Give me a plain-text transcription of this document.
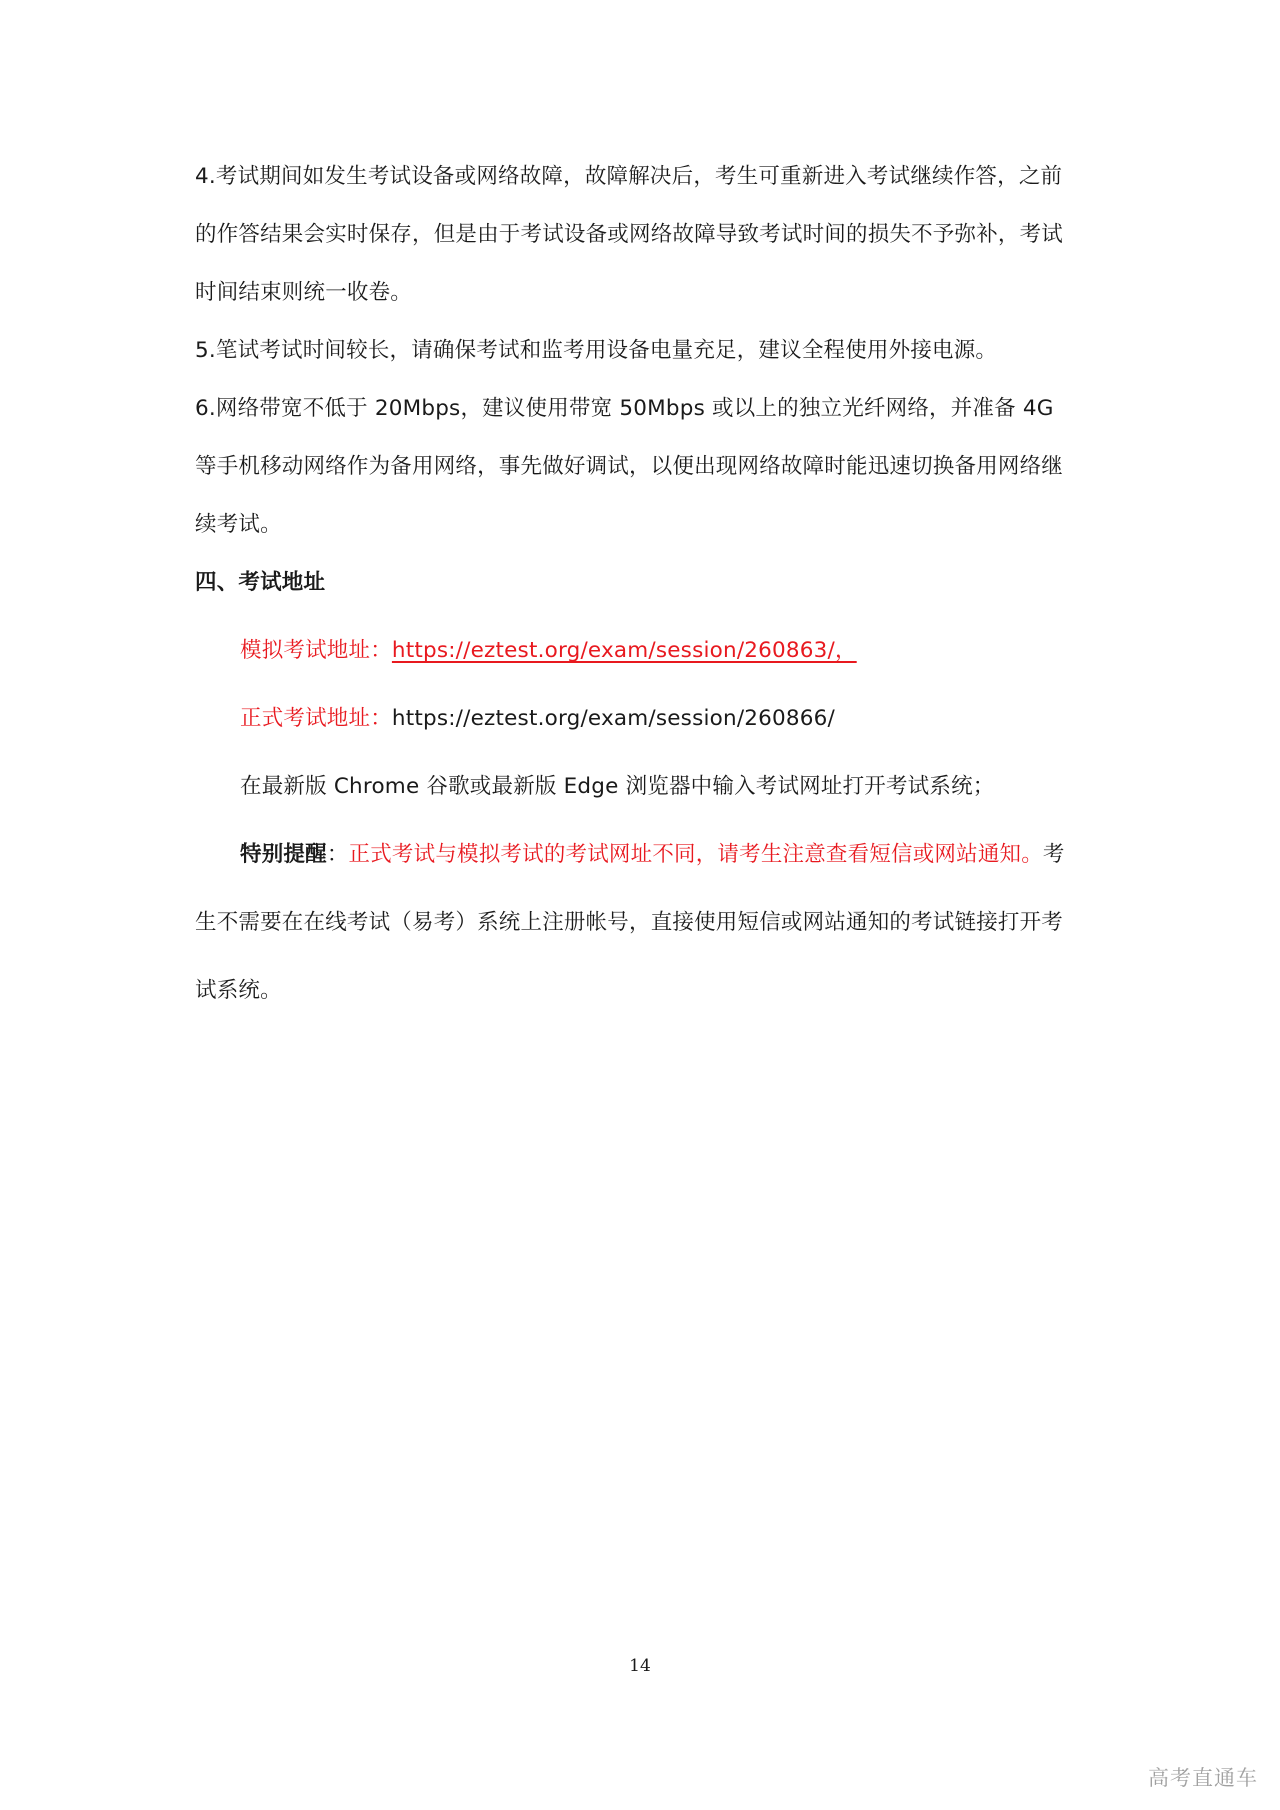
4.考试期间如发生考试设备或网络故障，故障解决后，考生可重新进入考试继续作答，之前
的作答结果会实时保存，但是由于考试设备或网络故障导致考试时间的损失不予弥补，考试
时间结束则统一收卷。
5.笔试考试时间较长，请确保考试和监考用设备电量充足，建议全程使用外接电源。
6.网络带宽不低于 20Mbps，建议使用带宽 50Mbps 或以上的独立光纤网络，并准备 4G
等手机移动网络作为备用网络，事先做好调试，以便出现网络故障时能迅速切换备用网络继
续考试。
四、考试地址
模拟考试地址：https://eztest.org/exam/session/260863/，
正式考试地址：https://eztest.org/exam/session/260866/
在最新版 Chrome 谷歌或最新版 Edge 浏览器中输入考试网址打开考试系统；
特别提醒：正式考试与模拟考试的考试网址不同，请考生注意查看短信或网站通知。考
生不需要在在线考试（易考）系统上注册帐号，直接使用短信或网站通知的考试链接打开考
试系统。
14
高考直通车
